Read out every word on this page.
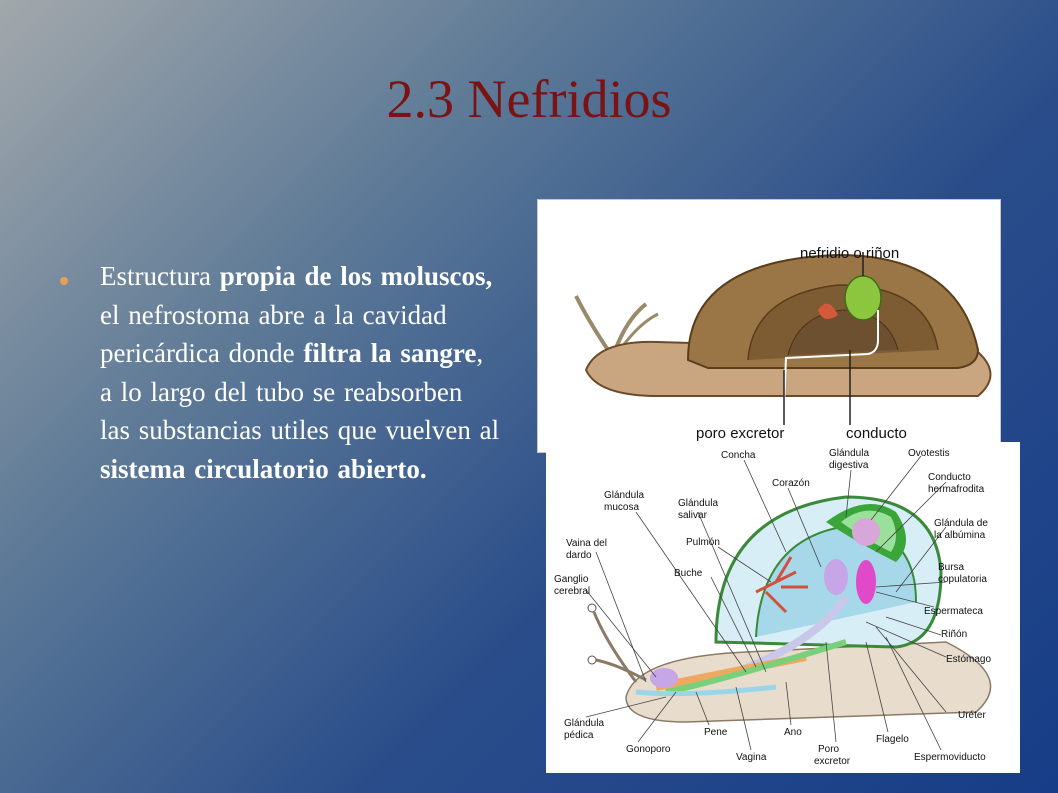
2.3 Nefridios

Estructura propia de los moluscos, el nefrostoma abre a la cavidad pericárdica donde filtra la sangre, a lo largo del tubo se reabsorben las substancias utiles que vuelven al sistema circulatorio abierto.

nefridio o riñon
poro excretor	conducto
Concha	Glándula
digestiva
Ovotestis
Corazón
Conducto
hermafrodita
Glándula
mucosa	Glándula
salivar
Glándula de
la albúmina
Vaina del
dardo
Pulmón
Bursa
copulatoria
Buche
Ganglio
cerebral
Espermateca
Riñón
Estómago
Uréter
Glándula
pédica	Pene	Ano
Flagelo
Gonoporo
Vagina
Poro
excretor	Espermoviducto
